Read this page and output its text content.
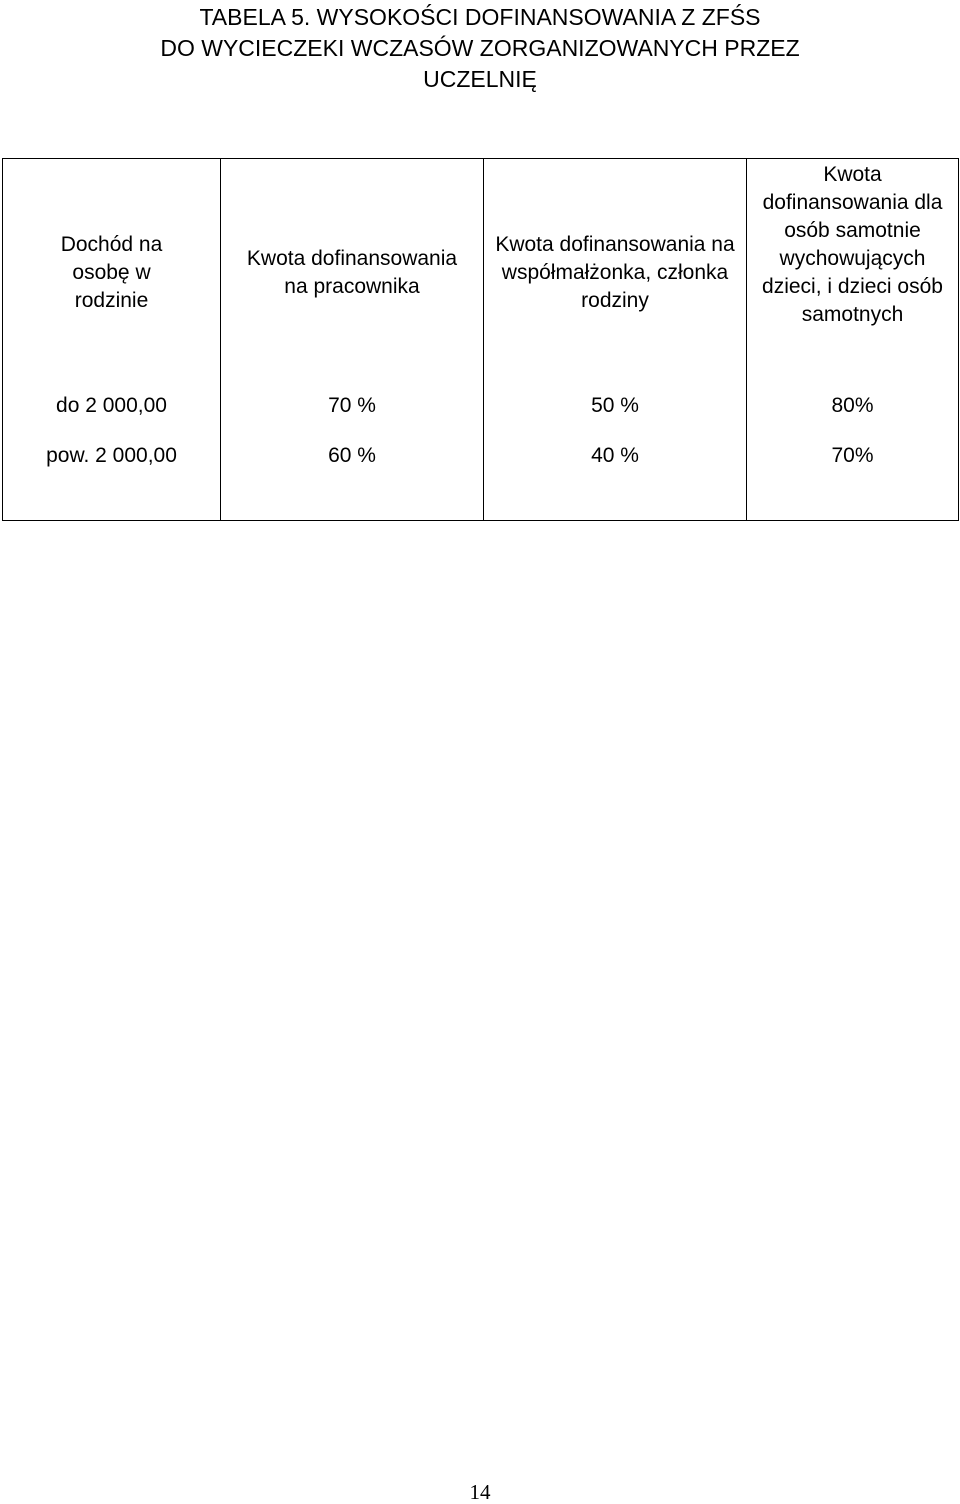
TABELA 5. WYSOKOŚCI DOFINANSOWANIA Z ZFŚS
DO WYCIECZEKI WCZASÓW ZORGANIZOWANYCH PRZEZ
UCZELNIĘ
Dochód na osobę w rodzinie	Kwota dofinansowania na pracownika	Kwota dofinansowania na współmałżonka, członka rodziny	Kwota dofinansowania dla osób samotnie wychowujących dzieci, i dzieci osób samotnych

do 2 000,00	70 %	50 %	80%
pow. 2 000,00	60 %	40 %	70%
14
